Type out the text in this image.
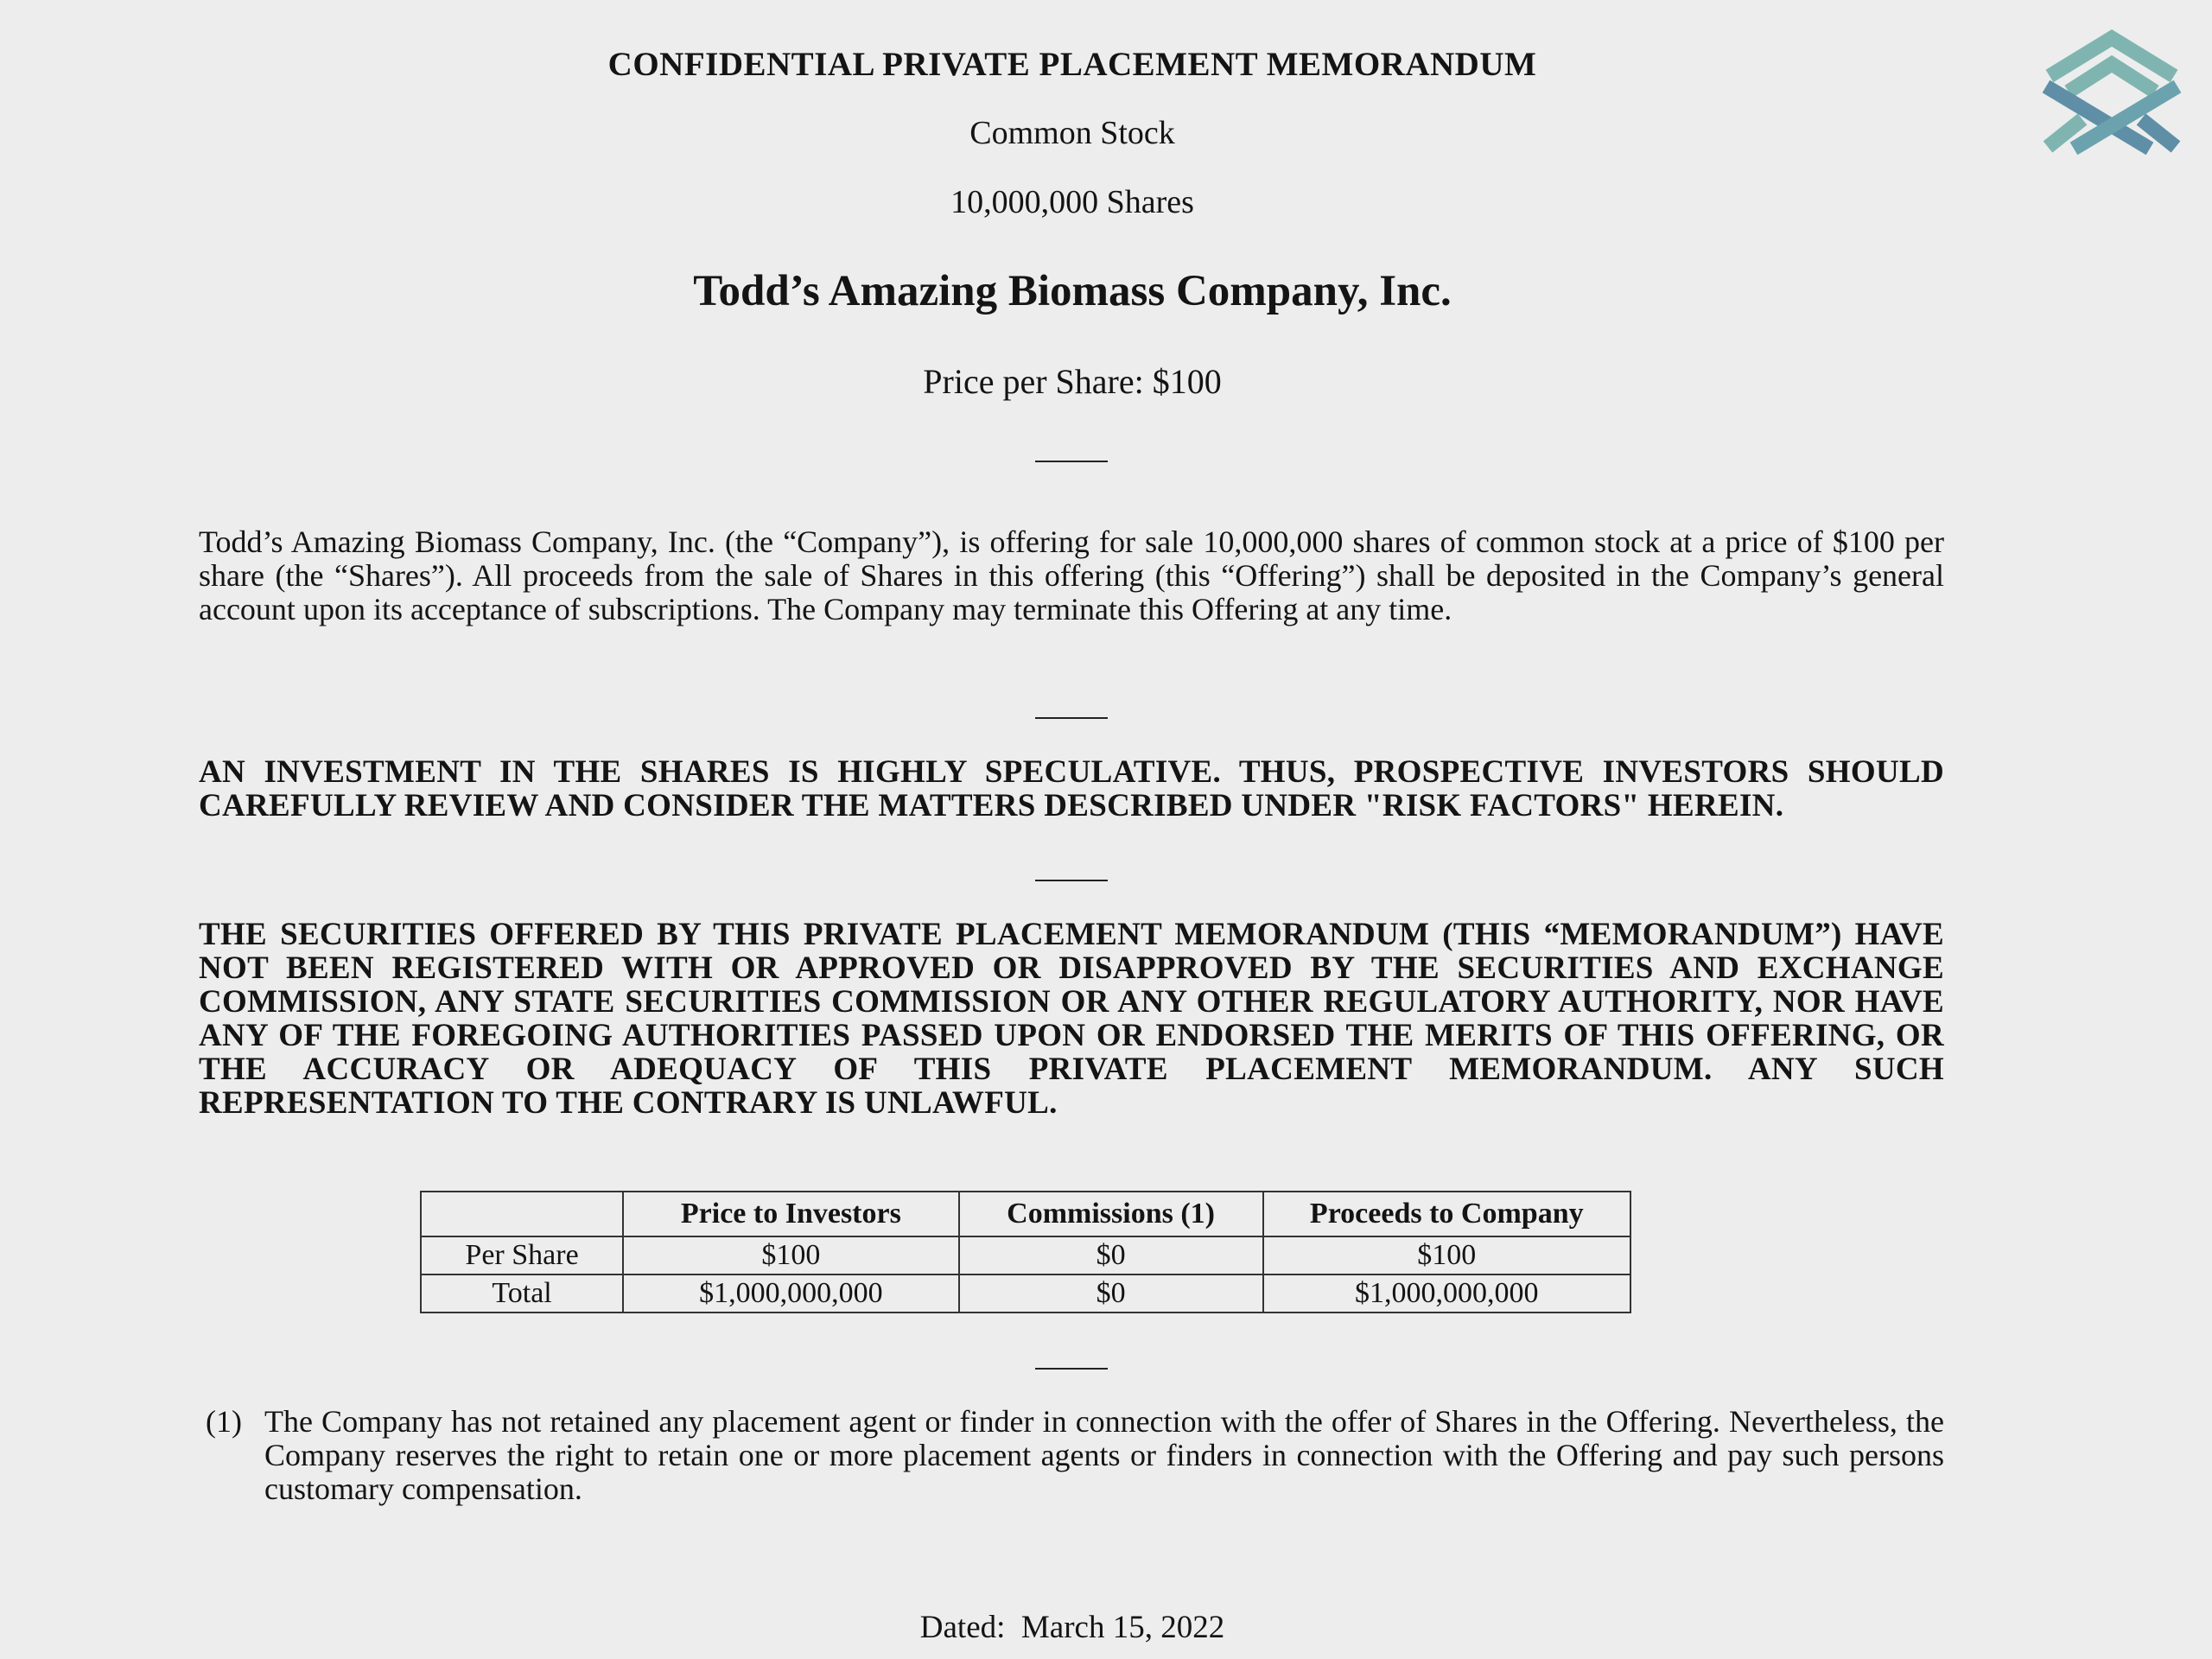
CONFIDENTIAL PRIVATE PLACEMENT MEMORANDUM
Common Stock
10,000,000 Shares
Todd’s Amazing Biomass Company, Inc.
Price per Share: $100
Todd’s Amazing Biomass Company, Inc. (the “Company”), is offering for sale 10,000,000 shares of common stock at a price of $100 per share (the “Shares”). All proceeds from the sale of Shares in this offering (this “Offering”) shall be deposited in the Company’s general account upon its acceptance of subscriptions. The Company may terminate this Offering at any time.
AN INVESTMENT IN THE SHARES IS HIGHLY SPECULATIVE. THUS, PROSPECTIVE INVESTORS SHOULD CAREFULLY REVIEW AND CONSIDER THE MATTERS DESCRIBED UNDER "RISK FACTORS" HEREIN.
THE SECURITIES OFFERED BY THIS PRIVATE PLACEMENT MEMORANDUM (THIS “MEMORANDUM”) HAVE NOT BEEN REGISTERED WITH OR APPROVED OR DISAPPROVED BY THE SECURITIES AND EXCHANGE COMMISSION, ANY STATE SECURITIES COMMISSION OR ANY OTHER REGULATORY AUTHORITY, NOR HAVE ANY OF THE FOREGOING AUTHORITIES PASSED UPON OR ENDORSED THE MERITS OF THIS OFFERING, OR THE ACCURACY OR ADEQUACY OF THIS PRIVATE PLACEMENT MEMORANDUM. ANY SUCH REPRESENTATION TO THE CONTRARY IS UNLAWFUL.
	Price to Investors	Commissions (1)	Proceeds to Company
Per Share	$100	$0	$100
Total	$1,000,000,000	$0	$1,000,000,000
(1) The Company has not retained any placement agent or finder in connection with the offer of Shares in the Offering. Nevertheless, the Company reserves the right to retain one or more placement agents or finders in connection with the Offering and pay such persons customary compensation.
Dated:  March 15, 2022
